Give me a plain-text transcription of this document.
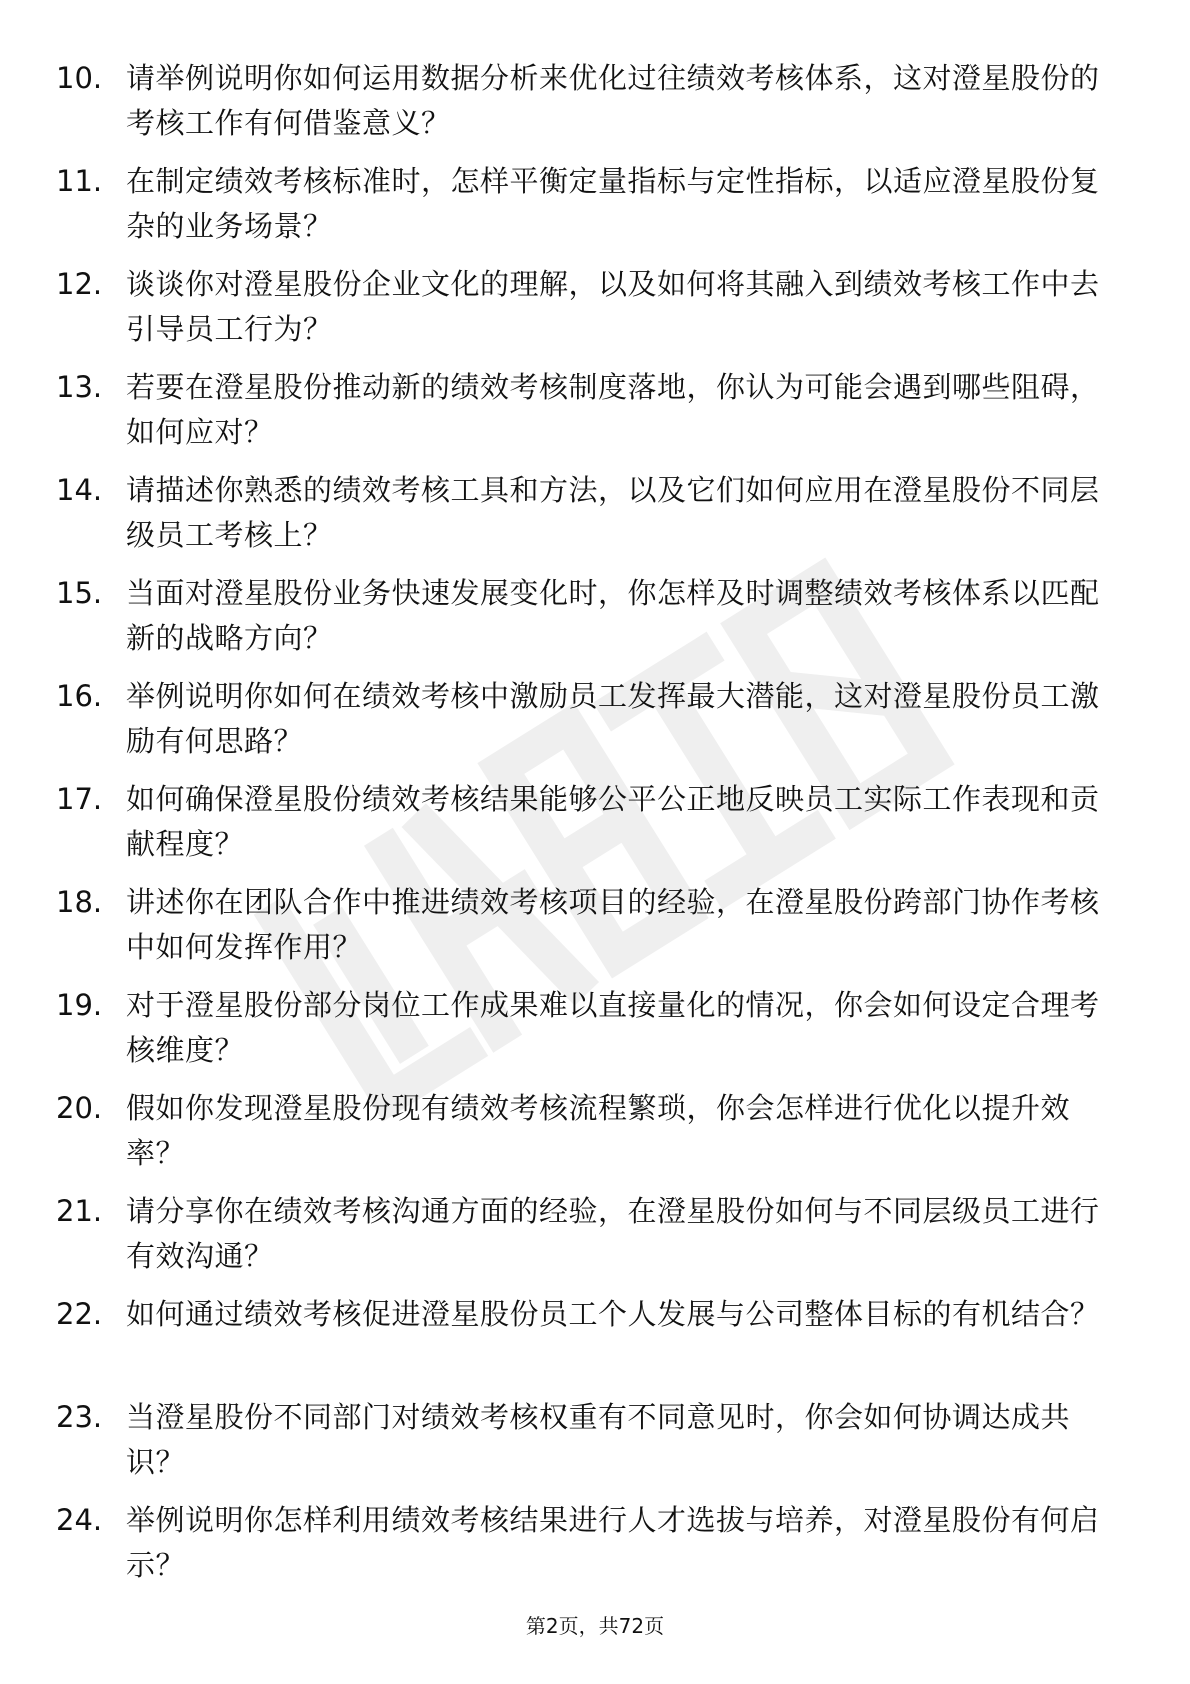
10. 请举例说明你如何运用数据分析来优化过往绩效考核体系，这对澄星股份的考核工作有何借鉴意义？
11. 在制定绩效考核标准时，怎样平衡定量指标与定性指标，以适应澄星股份复杂的业务场景？
12. 谈谈你对澄星股份企业文化的理解，以及如何将其融入到绩效考核工作中去引导员工行为？
13. 若要在澄星股份推动新的绩效考核制度落地，你认为可能会遇到哪些阻碍，如何应对？
14. 请描述你熟悉的绩效考核工具和方法，以及它们如何应用在澄星股份不同层级员工考核上？
15. 当面对澄星股份业务快速发展变化时，你怎样及时调整绩效考核体系以匹配新的战略方向？
16. 举例说明你如何在绩效考核中激励员工发挥最大潜能，这对澄星股份员工激励有何思路？
17. 如何确保澄星股份绩效考核结果能够公平公正地反映员工实际工作表现和贡献程度？
18. 讲述你在团队合作中推进绩效考核项目的经验，在澄星股份跨部门协作考核中如何发挥作用？
19. 对于澄星股份部分岗位工作成果难以直接量化的情况，你会如何设定合理考核维度？
20. 假如你发现澄星股份现有绩效考核流程繁琐，你会怎样进行优化以提升效率？
21. 请分享你在绩效考核沟通方面的经验，在澄星股份如何与不同层级员工进行有效沟通？
22. 如何通过绩效考核促进澄星股份员工个人发展与公司整体目标的有机结合？
23. 当澄星股份不同部门对绩效考核权重有不同意见时，你会如何协调达成共识？
24. 举例说明你怎样利用绩效考核结果进行人才选拔与培养，对澄星股份有何启示？
第2页，共72页
